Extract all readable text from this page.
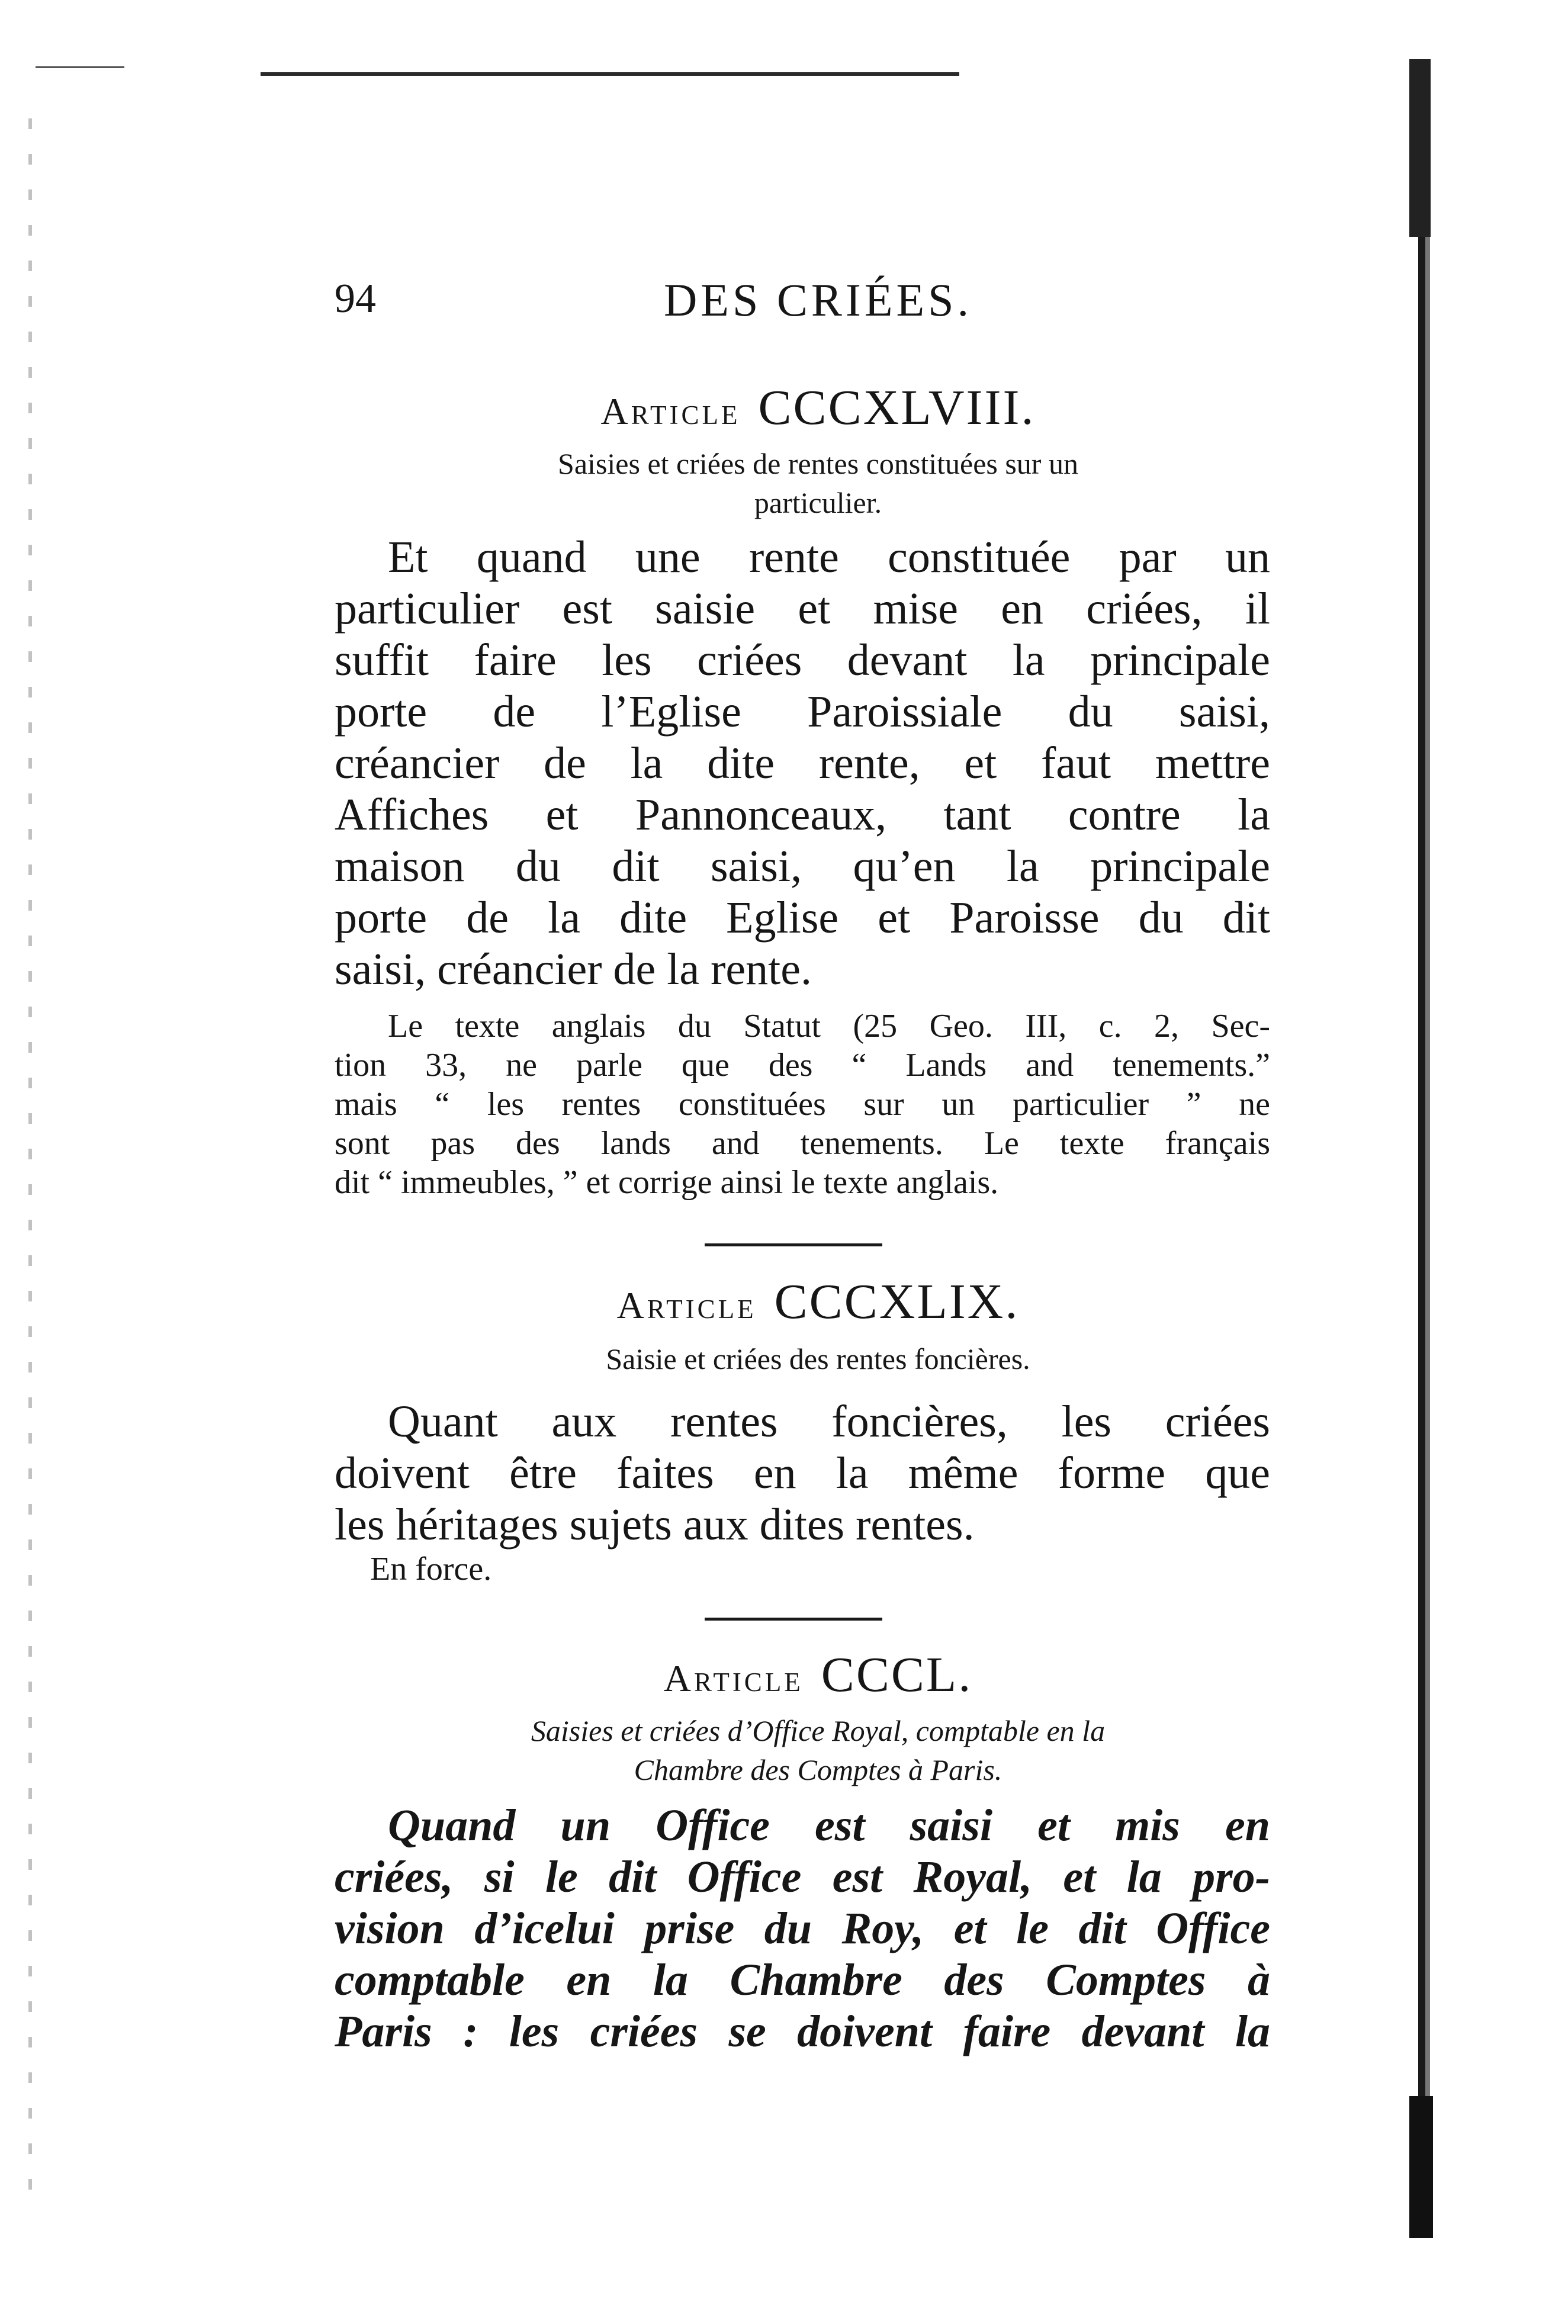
94	DES CRIÉES.
Article CCCXLVIII.
Saisies et criées de rentes constituées sur un
particulier.
Et quand une rente constituée par un
particulier est saisie et mise en criées, il
suffit faire les criées devant la principale
porte de l’Eglise Paroissiale du saisi,
créancier de la dite rente, et faut mettre
Affiches et Pannonceaux, tant contre la
maison du dit saisi, qu’en la principale
porte de la dite Eglise et Paroisse du dit
saisi, créancier de la rente.
Le texte anglais du Statut (25 Geo. III, c. 2, Sec-
tion 33, ne parle que des “ Lands and tenements.”
mais “ les rentes constituées sur un particulier ” ne
sont pas des lands and tenements. Le texte français
dit “ immeubles, ” et corrige ainsi le texte anglais.
Article CCCXLIX.
Saisie et criées des rentes foncières.
Quant aux rentes foncières, les criées
doivent être faites en la même forme que
les héritages sujets aux dites rentes.
En force.
Article CCCL.
Saisies et criées d’Office Royal, comptable en la
Chambre des Comptes à Paris.
Quand un Office est saisi et mis en
criées, si le dit Office est Royal, et la pro-
vision d’icelui prise du Roy, et le dit Office
comptable en la Chambre des Comptes à
Paris : les criées se doivent faire devant la
